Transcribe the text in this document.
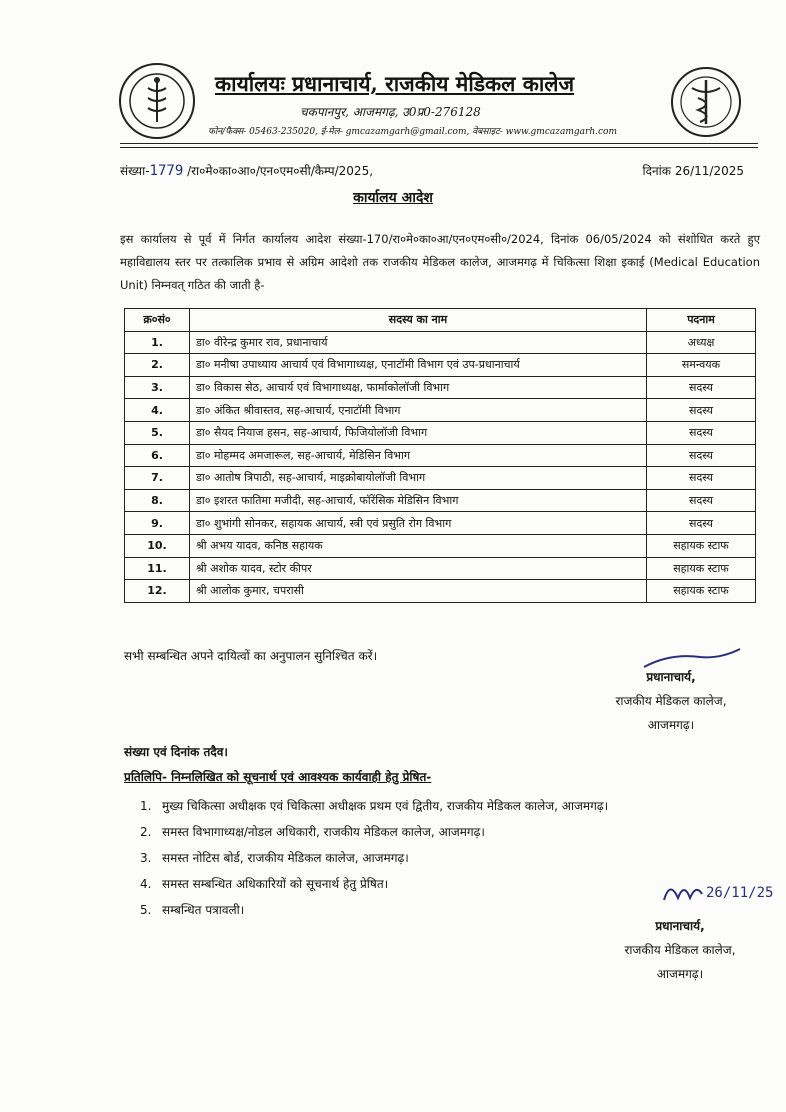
कार्यालयः प्रधानाचार्य, राजकीय मेडिकल कालेज
चकपानपुर, आजमगढ़, उ0प्र0-276128
फोन/फैक्स- 05463-235020, ई-मेल- gmcazamgarh@gmail.com, वेबसाइट- www.gmcazamgarh.com
संख्या-1779 /रा०मे०का०आ०/एन०एम०सी/कैम्प/2025,	दिनांक 26/11/2025
कार्यालय आदेश
इस कार्यालय से पूर्व में निर्गत कार्यालय आदेश संख्या-170/रा०मे०का०आ/एन०एम०सी०/2024, दिनांक 06/05/2024 को संशोधित करते हुए महाविद्यालय स्तर पर तत्कालिक प्रभाव से अग्रिम आदेशो तक राजकीय मेडिकल कालेज, आजमगढ़ में चिकित्सा शिक्षा इकाई (Medical Education Unit) निम्नवत् गठित की जाती है-
क्र०सं०	सदस्य का नाम	पदनाम
1.	डा० वीरेन्द्र कुमार राव, प्रधानाचार्य	अध्यक्ष
2.	डा० मनीषा उपाध्याय आचार्य एवं विभागाध्यक्ष, एनाटॉमी विभाग एवं उप-प्रधानाचार्य	समन्वयक
3.	डा० विकास सेठ, आचार्य एवं विभागाध्यक्ष, फार्माकोलॉजी विभाग	सदस्य
4.	डा० अंकित श्रीवास्तव, सह-आचार्य, एनाटॉमी विभाग	सदस्य
5.	डा० सैयद नियाज हसन, सह-आचार्य, फिजियोलॉजी विभाग	सदस्य
6.	डा० मोहम्मद अमजारूल, सह-आचार्य, मेडिसिन विभाग	सदस्य
7.	डा० आतोष त्रिपाठी, सह-आचार्य, माइक्रोबायोलॉजी विभाग	सदस्य
8.	डा० इशरत फातिमा मजीदी, सह-आचार्य, फॉरेंसिक मेडिसिन विभाग	सदस्य
9.	डा० शुभांगी सोनकर, सहायक आचार्य, स्त्री एवं प्रसुति रोग विभाग	सदस्य
10.	श्री अभय यादव, कनिष्ठ सहायक	सहायक स्टाफ
11.	श्री अशोक यादव, स्टोर कीपर	सहायक स्टाफ
12.	श्री आलोक कुमार, चपरासी	सहायक स्टाफ
सभी सम्बन्धित अपने दायित्वों का अनुपालन सुनिश्चित करें।
प्रधानाचार्य,
राजकीय मेडिकल कालेज,
आजमगढ़।
संख्या एवं दिनांक तदैव।
प्रतिलिपि- निम्नलिखित को सूचनार्थ एवं आवश्यक कार्यवाही हेतु प्रेषित-
1. मुख्य चिकित्सा अधीक्षक एवं चिकित्सा अधीक्षक प्रथम एवं द्वितीय, राजकीय मेडिकल कालेज, आजमगढ़।
2. समस्त विभागाध्यक्ष/नोडल अधिकारी, राजकीय मेडिकल कालेज, आजमगढ़।
3. समस्त नोटिस बोर्ड, राजकीय मेडिकल कालेज, आजमगढ़।
4. समस्त सम्बन्धित अधिकारियों को सूचनार्थ हेतु प्रेषित।
5. सम्बन्धित पत्रावली।
26/11/25
प्रधानाचार्य,
राजकीय मेडिकल कालेज,
आजमगढ़।
